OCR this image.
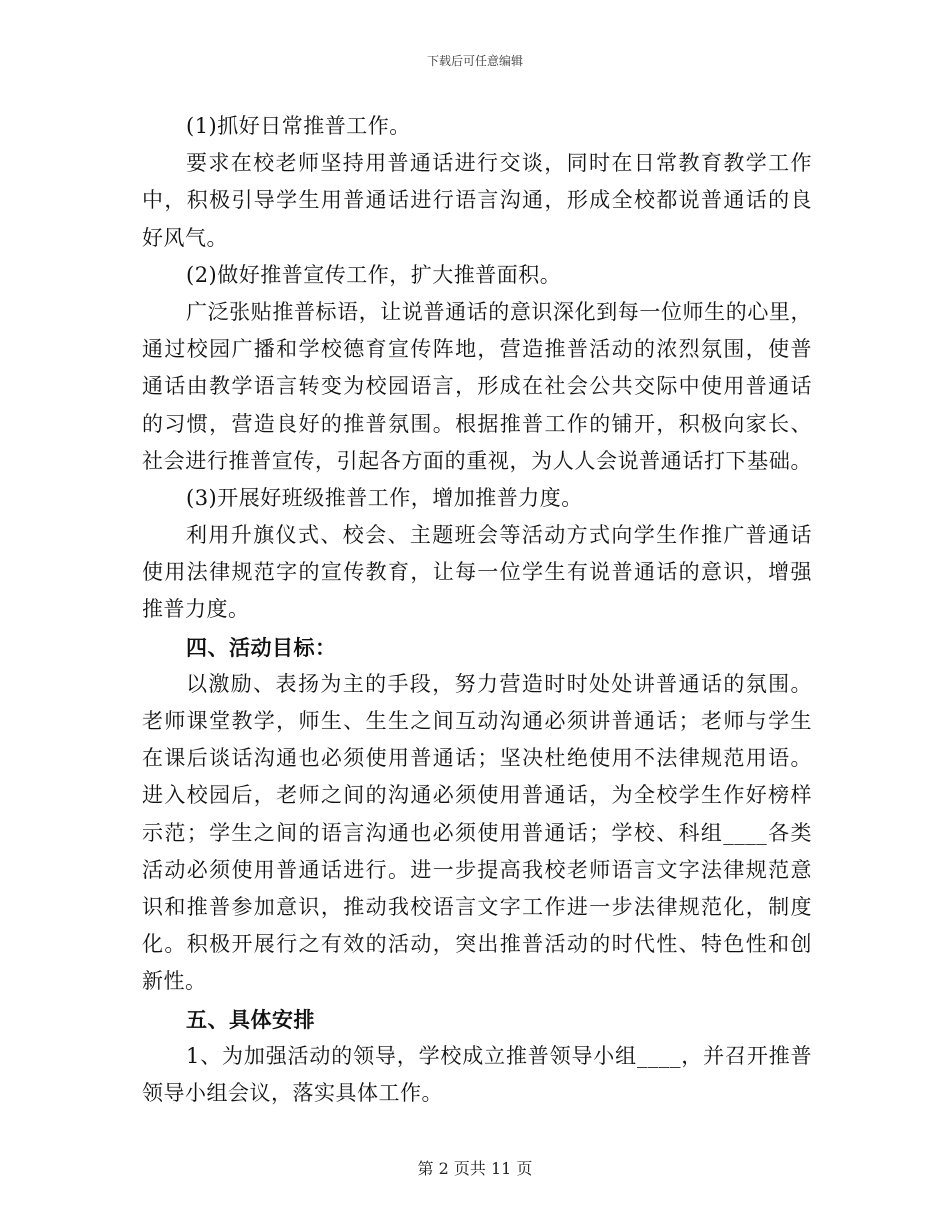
下载后可任意编辑
(1)抓好日常推普工作。
要求在校老师坚持用普通话进行交谈，同时在日常教育教学工作
中，积极引导学生用普通话进行语言沟通，形成全校都说普通话的良
好风气。
(2)做好推普宣传工作，扩大推普面积。
广泛张贴推普标语，让说普通话的意识深化到每一位师生的心里，
通过校园广播和学校德育宣传阵地，营造推普活动的浓烈氛围，使普
通话由教学语言转变为校园语言，形成在社会公共交际中使用普通话
的习惯，营造良好的推普氛围。根据推普工作的铺开，积极向家长、
社会进行推普宣传，引起各方面的重视，为人人会说普通话打下基础。
(3)开展好班级推普工作，增加推普力度。
利用升旗仪式、校会、主题班会等活动方式向学生作推广普通话
使用法律规范字的宣传教育，让每一位学生有说普通话的意识，增强
推普力度。
四、活动目标：
以激励、表扬为主的手段，努力营造时时处处讲普通话的氛围。
老师课堂教学，师生、生生之间互动沟通必须讲普通话；老师与学生
在课后谈话沟通也必须使用普通话；坚决杜绝使用不法律规范用语。
进入校园后，老师之间的沟通必须使用普通话，为全校学生作好榜样
示范；学生之间的语言沟通也必须使用普通话；学校、科组____各类
活动必须使用普通话进行。进一步提高我校老师语言文字法律规范意
识和推普参加意识，推动我校语言文字工作进一步法律规范化，制度
化。积极开展行之有效的活动，突出推普活动的时代性、特色性和创
新性。
五、具体安排
1、为加强活动的领导，学校成立推普领导小组____，并召开推普
领导小组会议，落实具体工作。
第 2 页共 11 页
